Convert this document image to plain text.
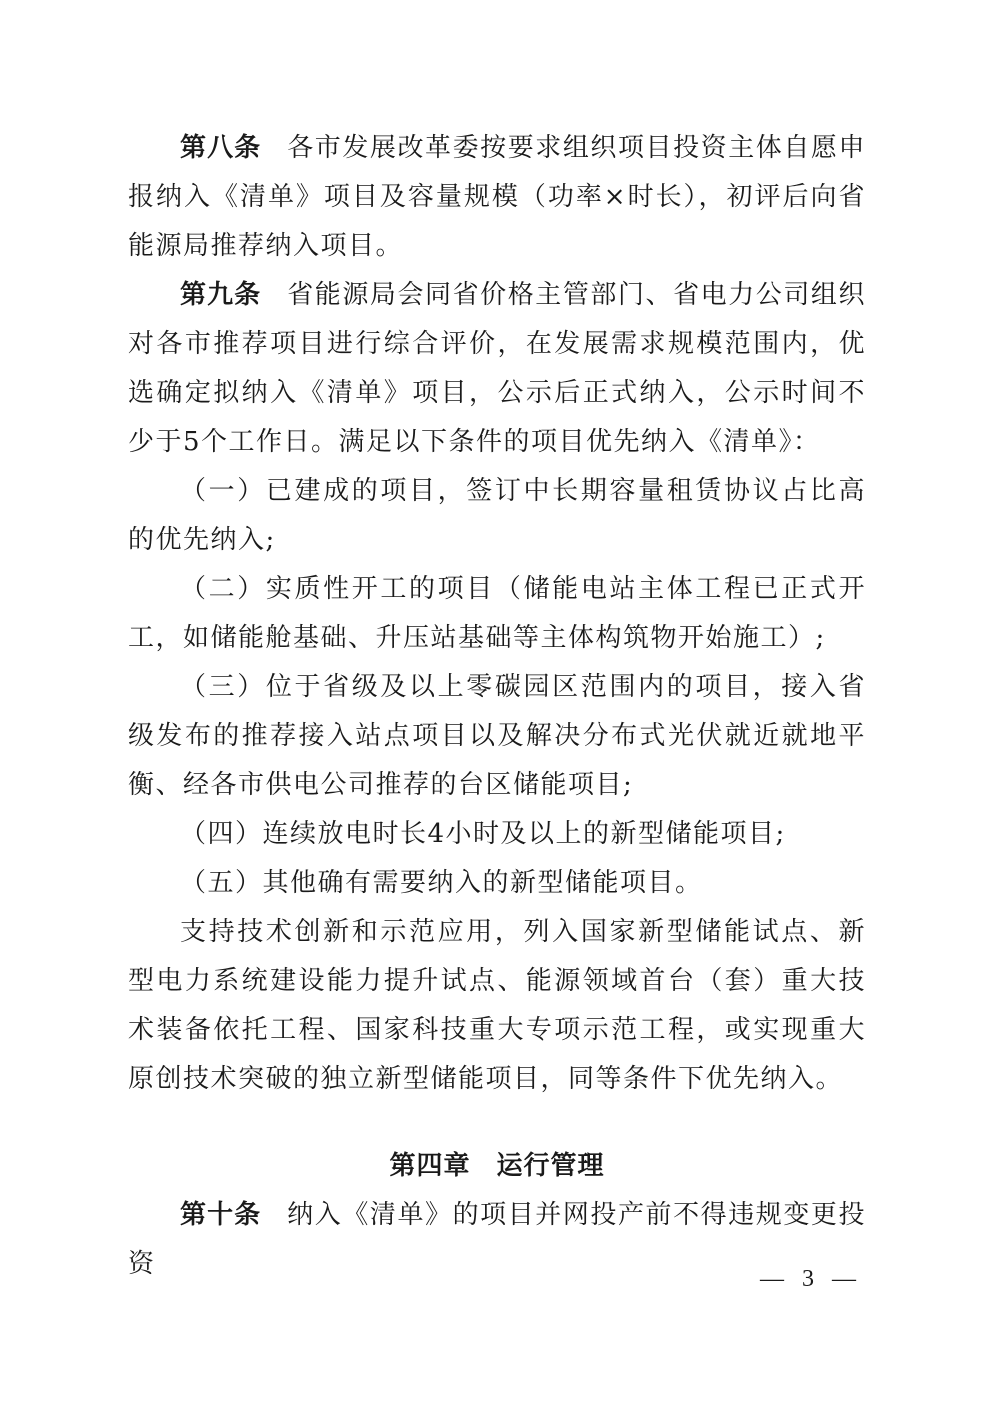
第八条 各市发展改革委按要求组织项目投资主体自愿申报纳入《清单》项目及容量规模（功率×时长），初评后向省能源局推荐纳入项目。

第九条 省能源局会同省价格主管部门、省电力公司组织对各市推荐项目进行综合评价，在发展需求规模范围内，优选确定拟纳入《清单》项目，公示后正式纳入，公示时间不少于5个工作日。满足以下条件的项目优先纳入《清单》：

（一）已建成的项目，签订中长期容量租赁协议占比高的优先纳入;

（二）实质性开工的项目（储能电站主体工程已正式开工，如储能舱基础、升压站基础等主体构筑物开始施工）;

（三）位于省级及以上零碳园区范围内的项目，接入省级发布的推荐接入站点项目以及解决分布式光伏就近就地平衡、经各市供电公司推荐的台区储能项目;

（四）连续放电时长4小时及以上的新型储能项目;

（五）其他确有需要纳入的新型储能项目。

支持技术创新和示范应用，列入国家新型储能试点、新型电力系统建设能力提升试点、能源领域首台（套）重大技术装备依托工程、国家科技重大专项示范工程，或实现重大原创技术突破的独立新型储能项目，同等条件下优先纳入。

第四章 运行管理

第十条 纳入《清单》的项目并网投产前不得违规变更投资	— 3 —
